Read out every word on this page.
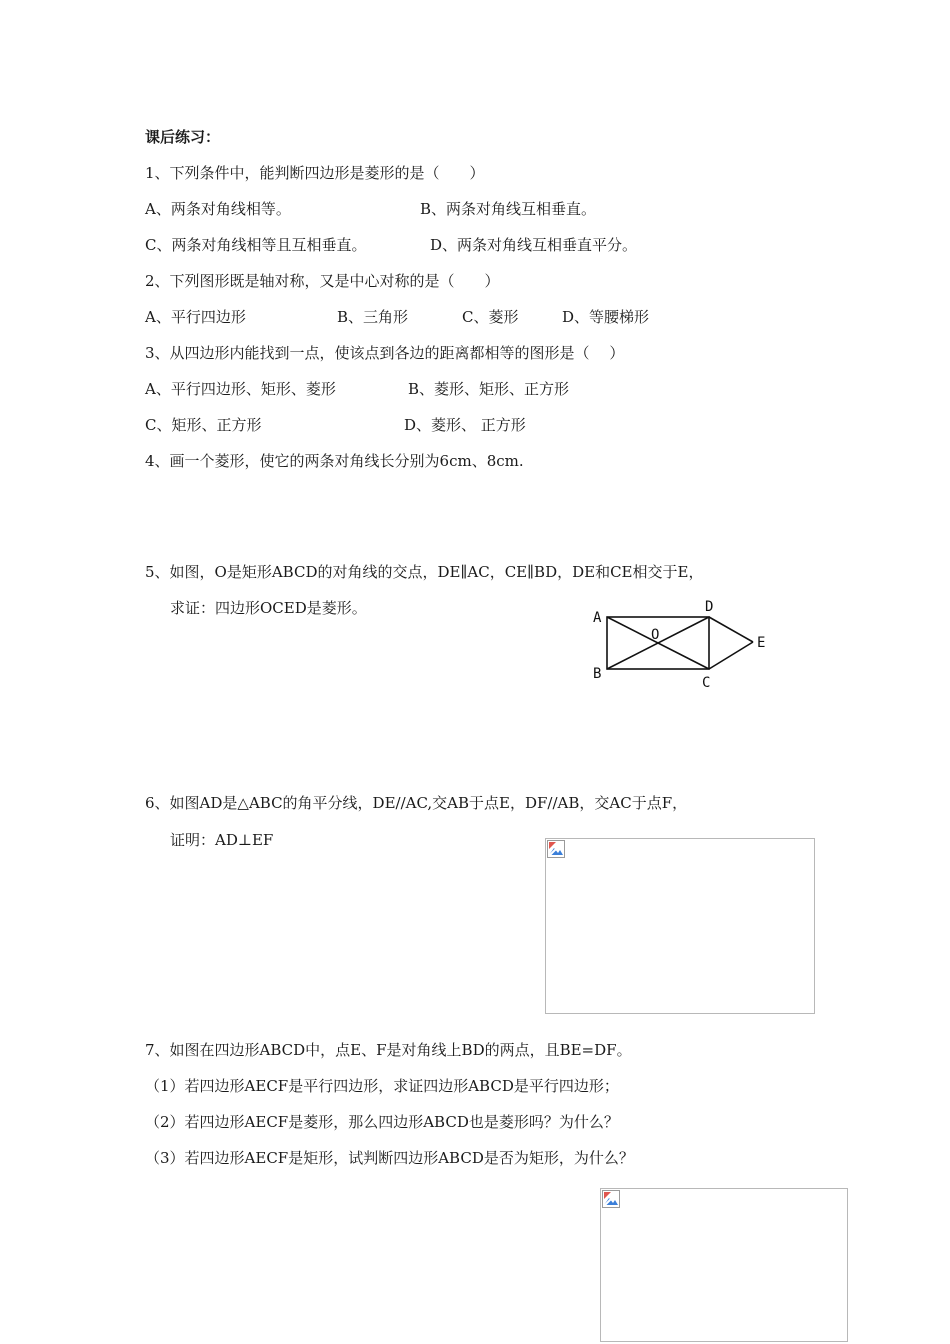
课后练习：
1、下列条件中，能判断四边形是菱形的是（　　）
A、两条对角线相等。	B、两条对角线互相垂直。
C、两条对角线相等且互相垂直。	D、两条对角线互相垂直平分。
2、下列图形既是轴对称，又是中心对称的是（　　）
A、平行四边形	B、三角形	C、菱形	D、等腰梯形
3、从四边形内能找到一点，使该点到各边的距离都相等的图形是（　 ）
A、平行四边形、矩形、菱形	B、菱形、矩形、正方形
C、矩形、正方形	D、菱形、 正方形
4、画一个菱形，使它的两条对角线长分别为6cm、8cm.
5、如图，O是矩形ABCD的对角线的交点，DE∥AC，CE∥BD，DE和CE相交于E，
求证：四边形OCED是菱形。
A
B
C
D
E
O
6、如图AD是△ABC的角平分线，DE//AC,交AB于点E，DF//AB，交AC于点F，
证明：AD⊥EF
7、如图在四边形ABCD中，点E、F是对角线上BD的两点，且BE=DF。
（1）若四边形AECF是平行四边形，求证四边形ABCD是平行四边形；
（2）若四边形AECF是菱形，那么四边形ABCD也是菱形吗？为什么？
（3）若四边形AECF是矩形，试判断四边形ABCD是否为矩形，为什么？
